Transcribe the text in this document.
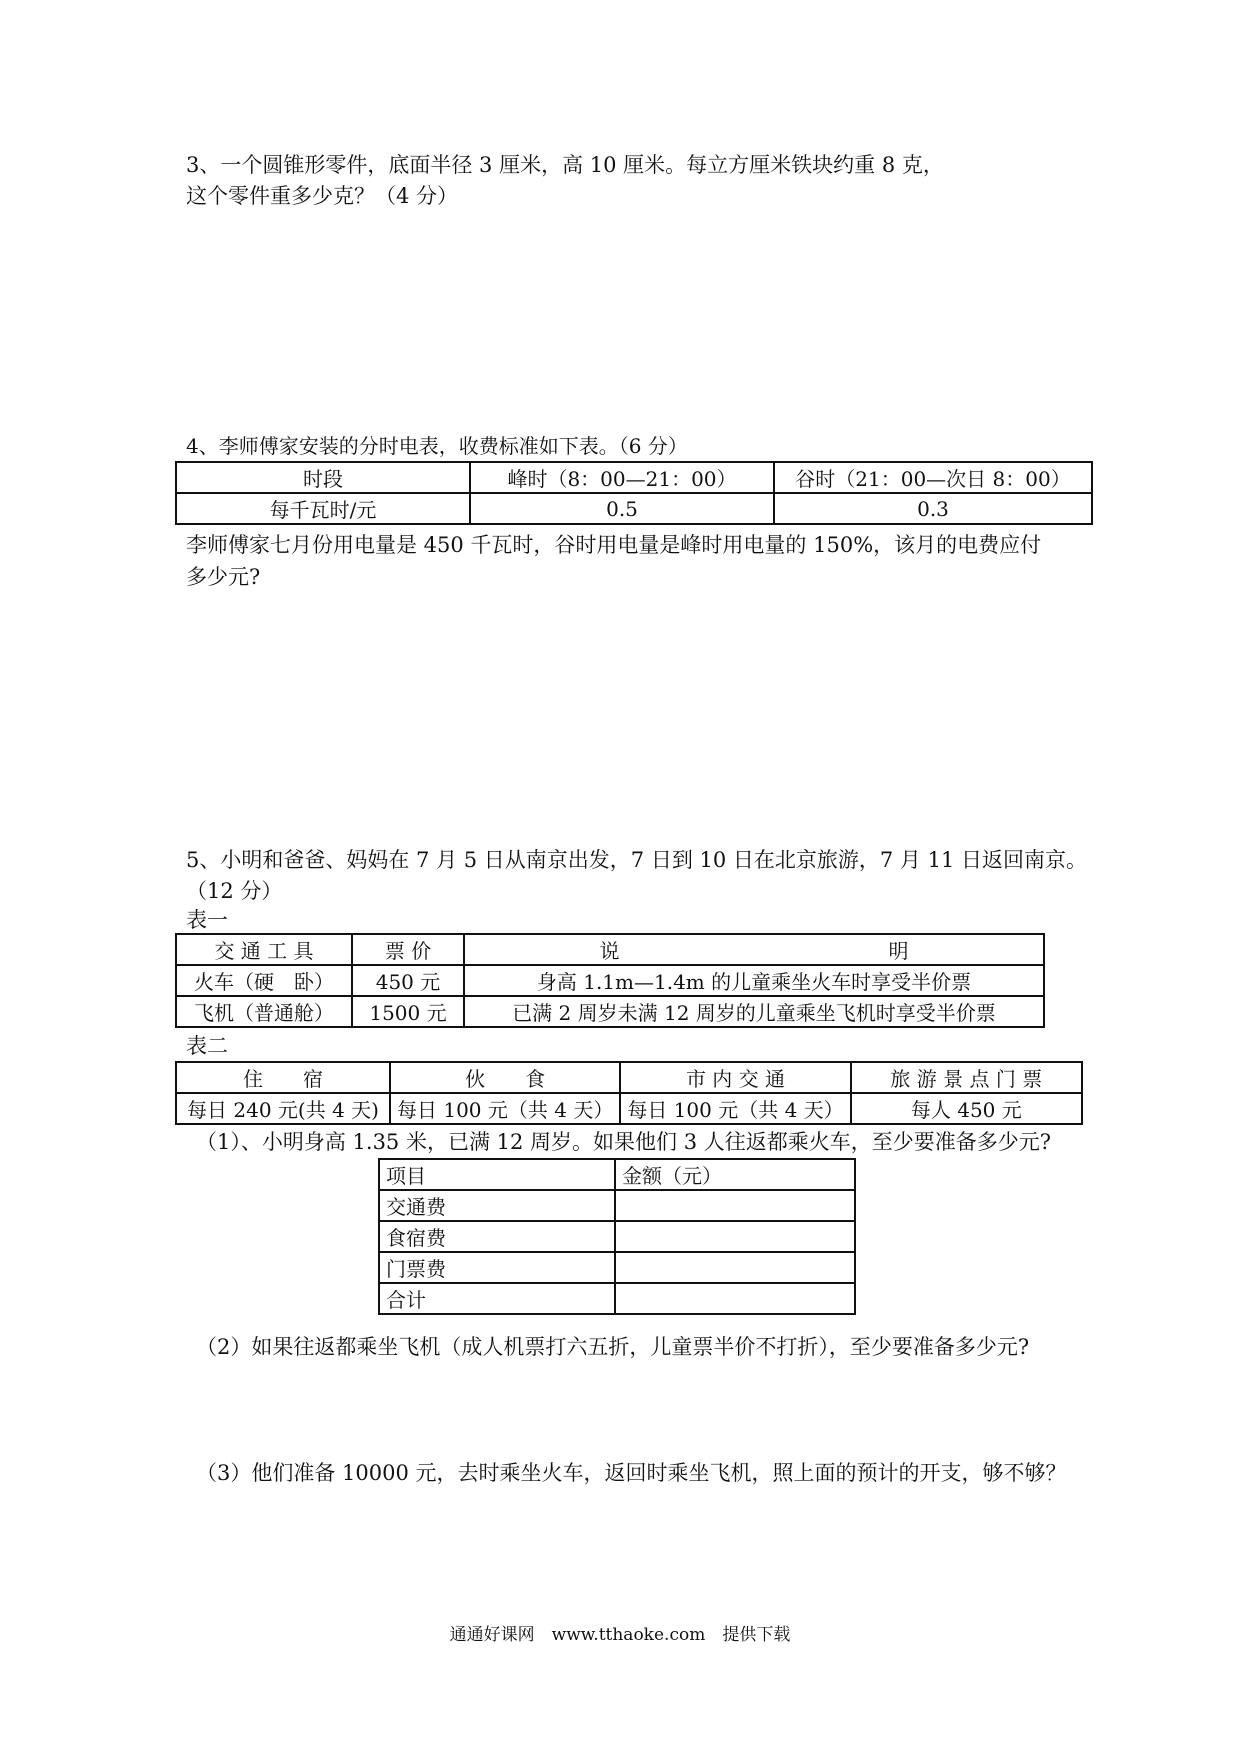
3、一个圆锥形零件，底面半径 3 厘米，高 10 厘米。每立方厘米铁块约重 8 克，
这个零件重多少克？（4 分）
4、李师傅家安装的分时电表，收费标准如下表。（6 分）
时段	峰时（8：00—21：00）	谷时（21：00—次日 8：00）
每千瓦时/元	0.5	0.3
李师傅家七月份用电量是 450 千瓦时，谷时用电量是峰时用电量的 150%，该月的电费应付
多少元?
5、小明和爸爸、妈妈在 7 月 5 日从南京出发，7 日到 10 日在北京旅游，7 月 11 日返回南京。
（12 分）
表一
交 通 工 具	票 价	说 明

火车（硬　卧）	450 元	身高 1.1m—1.4m 的儿童乘坐火车时享受半价票
飞机（普通舱）	1500 元	已满 2 周岁未满 12 周岁的儿童乘坐飞机时享受半价票
表二
住　　宿	伙　　食	市 内 交 通	旅 游 景 点 门 票
每日 240 元(共 4 天)	每日 100 元（共 4 天）	每日 100 元（共 4 天）	每人 450 元
（1）、小明身高 1.35 米，已满 12 周岁。如果他们 3 人往返都乘火车，至少要准备多少元?
项目	金额（元）
交通费	
食宿费	
门票费	
合计	
（2）如果往返都乘坐飞机（成人机票打六五折，儿童票半价不打折），至少要准备多少元?
（3）他们准备 10000 元，去时乘坐火车，返回时乘坐飞机，照上面的预计的开支，够不够？
通通好课网　www.tthaoke.com　提供下载
